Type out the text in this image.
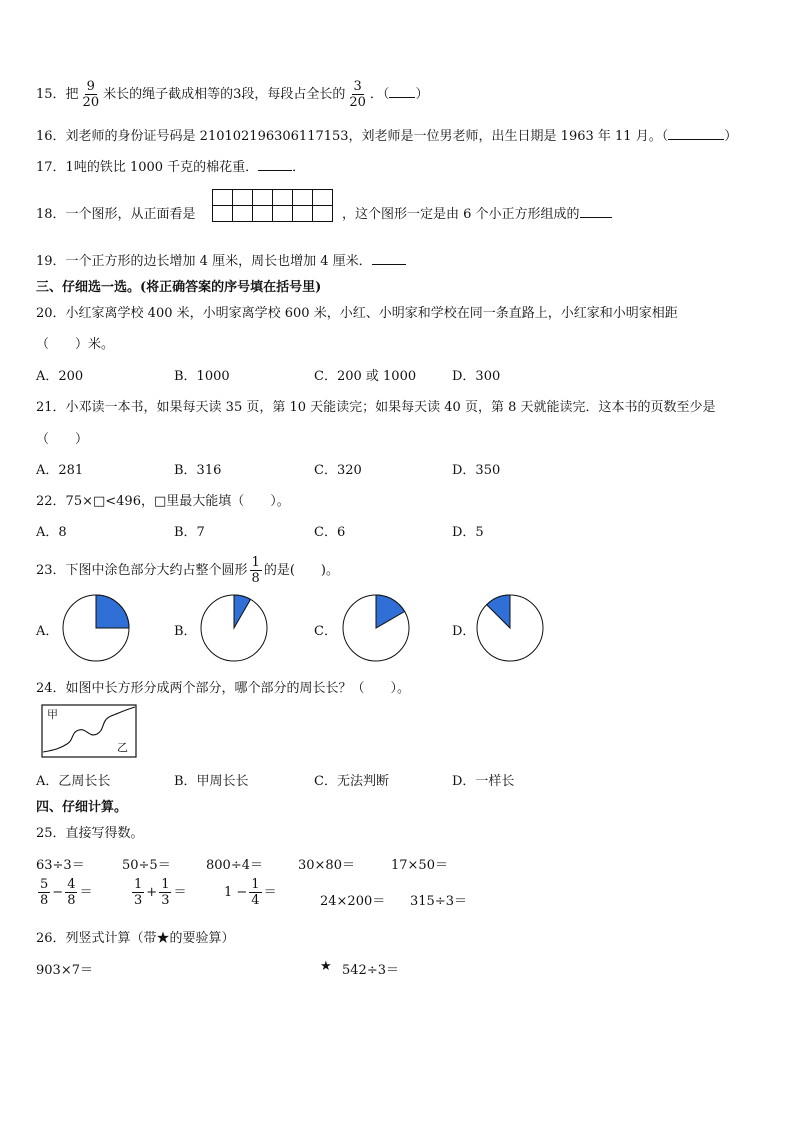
15．把 $\frac{9}{20}$ 米长的绳子截成相等的3段，每段占全长的 $\frac{3}{20}$ ．（ ）
16．刘老师的身份证号码是 210102196306117153，刘老师是一位男老师，出生日期是 1963 年 11 月。（	）
17．1吨的铁比 1000 千克的棉花重．	．
18．一个图形，从正面看是	，这个图形一定是由 6 个小正方形组成的
19．一个正方形的边长增加 4 厘米，周长也增加 4 厘米．
三、仔细选一选。(将正确答案的序号填在括号里)
20．小红家离学校 400 米，小明家离学校 600 米，小红、小明家和学校在同一条直路上，小红家和小明家相距
（　　）米。
A．200	B．1000	C．200 或 1000	D．300
21．小邓读一本书，如果每天读 35 页，第 10 天能读完；如果每天读 40 页，第 8 天就能读完．这本书的页数至少是
（　　）
A．281	B．316	C．320	D．350
22．75×□<496，□里最大能填（　　）。
A．8	B．7	C．6	D．5
23．下图中涂色部分大约占整个圆形 $\frac{1}{8}$ 的是(　　)。
A．	B．	C．	D．
24．如图中长方形分成两个部分，哪个部分的周长长？（　　）。
甲
乙
A．乙周长长	B．甲周长长	C．无法判断	D．一样长
四、仔细计算。
25．直接写得数。
63÷3＝	50÷5＝	800÷4＝	30×80＝	17×50＝
$\frac{5}{8} - \frac{4}{8}$ ＝	$\frac{1}{3} + \frac{1}{3}$ ＝	$1 - \frac{1}{4}$ ＝
24×200＝ 315÷3＝
26．列竖式计算（带★的要验算）
903×7＝	★ 542÷3＝
